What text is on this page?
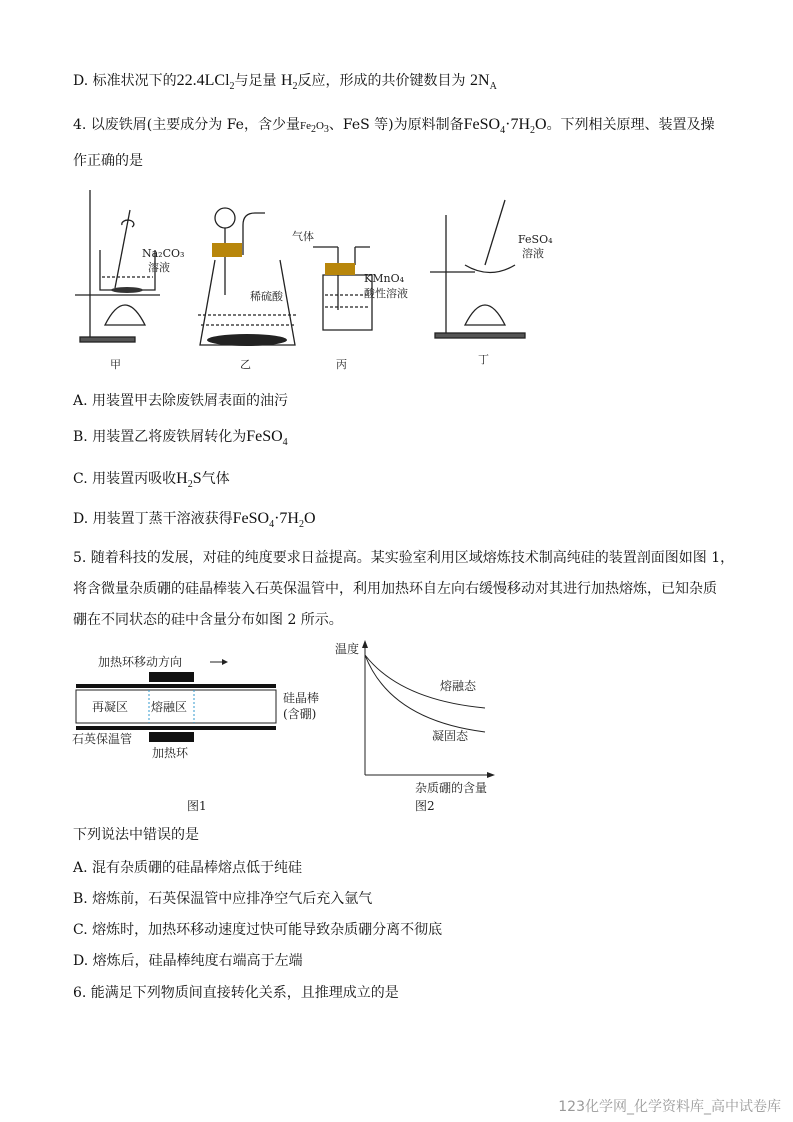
D. 标准状况下的22.4LCl$_2$与足量 $H_2$反应，形成的共价键数目为 $2N_A$
4. 以废铁屑(主要成分为 Fe，含少量$Fe_2O_3$、FeS 等)为原料制备$FeSO_4\cdot 7H_2O$。下列相关原理、装置及操
作正确的是
Na₂CO₃
溶液
稀硫酸
气体
KMnO₄
酸性溶液
FeSO₄
溶液
甲	乙	丙	丁
A. 用装置甲去除废铁屑表面的油污
B. 用装置乙将废铁屑转化为FeSO$_4$
C. 用装置丙吸收$H_2S$气体
D. 用装置丁蒸干溶液获得$FeSO_4\cdot 7H_2O$
5. 随着科技的发展，对硅的纯度要求日益提高。某实验室利用区域熔炼技术制高纯硅的装置剖面图如图 1，
将含微量杂质硼的硅晶棒装入石英保温管中，利用加热环自左向右缓慢移动对其进行加热熔炼，已知杂质
硼在不同状态的硅中含量分布如图 2 所示。
加热环移动方向
再凝区 熔融区
硅晶棒
(含硼)
石英保温管
加热环
图1
温度
熔融态
凝固态
杂质硼的含量
图2
下列说法中错误的是
A. 混有杂质硼的硅晶棒熔点低于纯硅
B. 熔炼前，石英保温管中应排净空气后充入氩气
C. 熔炼时，加热环移动速度过快可能导致杂质硼分离不彻底
D. 熔炼后，硅晶棒纯度右端高于左端
6. 能满足下列物质间直接转化关系，且推理成立的是
123化学网_化学资料库_高中试卷库
